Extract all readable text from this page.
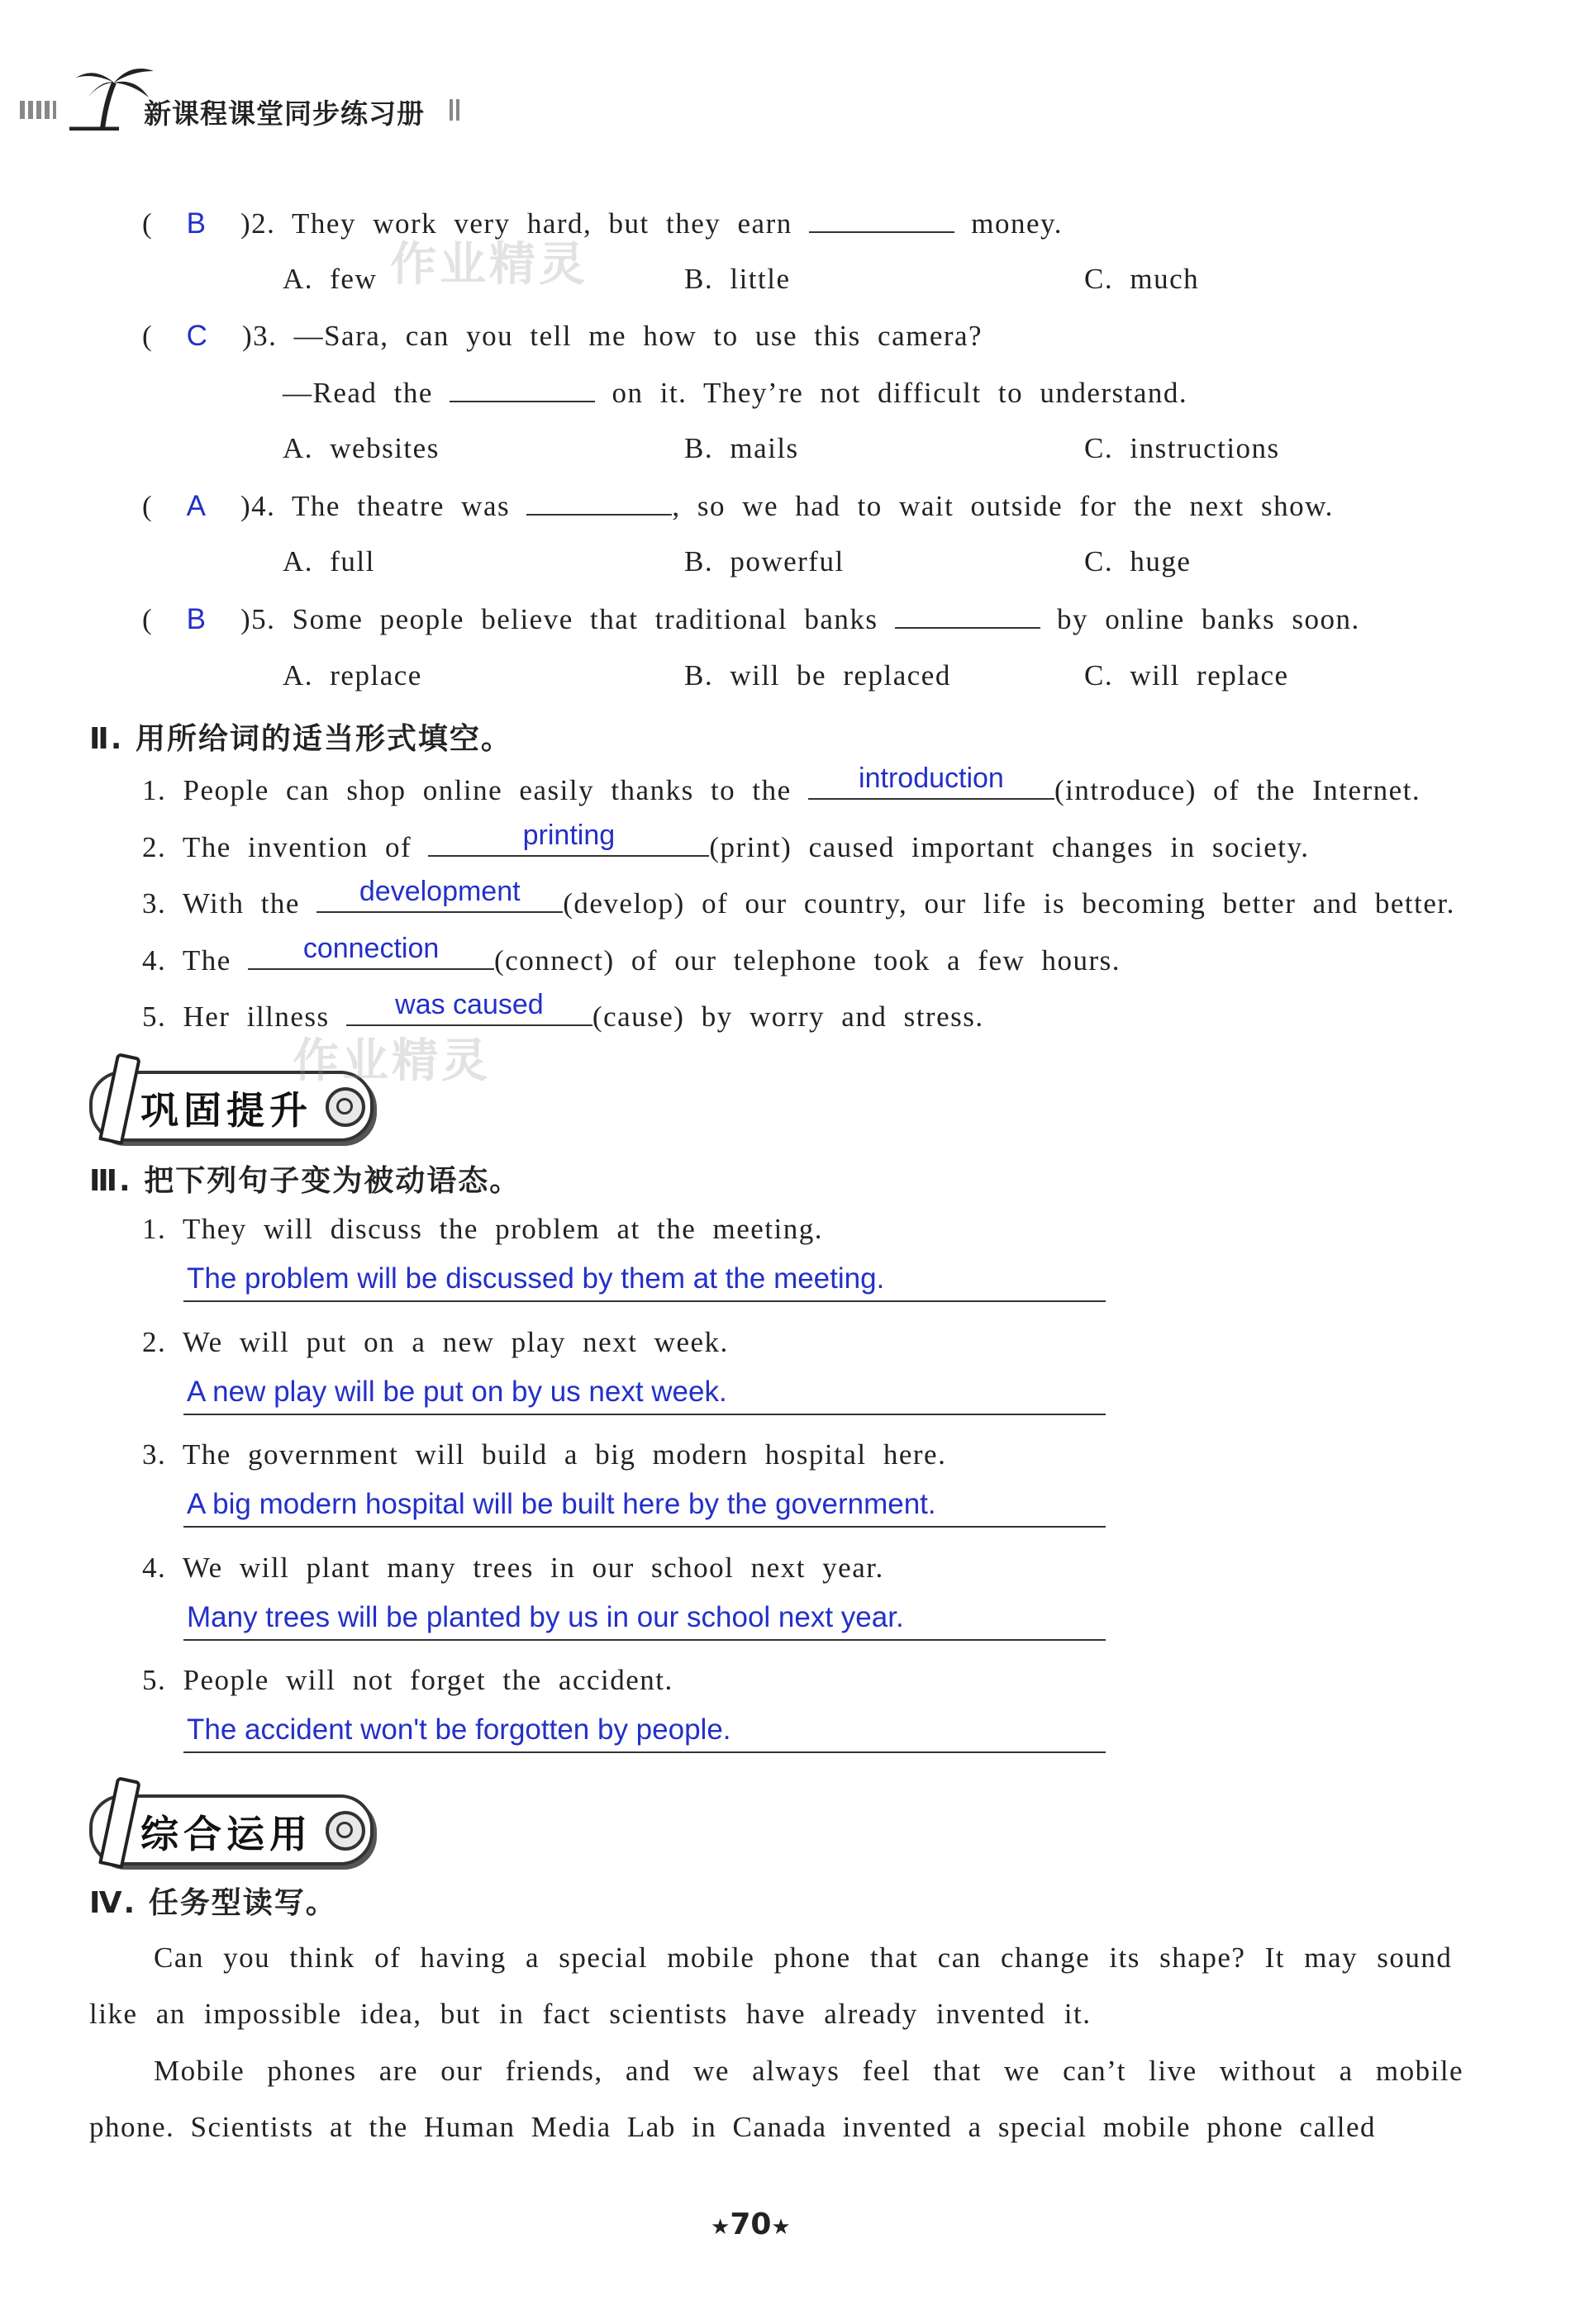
新课程课堂同步练习册
(  B )2. They work very hard, but they earn	money.
A. few	B. little	C. much
(  C )3. —Sara, can you tell me how to use this camera?
—Read the	on it. They’re not difficult to understand.
A. websites	B. mails	C. instructions
(  A )4. The theatre was	, so we had to wait outside for the next show.
A. full	B. powerful	C. huge
(  B )5. Some people believe that traditional banks	by online banks soon.
A. replace	B. will be replaced	C. will replace
Ⅱ. 用所给词的适当形式填空。
1. People can shop online easily thanks to the	introduction	(introduce) of the Internet.
2. The invention of	printing	(print) caused important changes in society.
3. With the	development	(develop) of our country, our life is becoming better and better.
4. The	connection	(connect) of our telephone took a few hours.
5. Her illness	was caused	(cause) by worry and stress.
巩固提升
Ⅲ. 把下列句子变为被动语态。
1. They will discuss the problem at the meeting.
The problem will be discussed by them at the meeting.
2. We will put on a new play next week.
A new play will be put on by us next week.
3. The government will build a big modern hospital here.
A big modern hospital will be built here by the government.
4. We will plant many trees in our school next year.
Many trees will be planted by us in our school next year.
5. People will not forget the accident.
The accident won't be forgotten by people.
综合运用
Ⅳ. 任务型读写。
Can you think of having a special mobile phone that can change its shape? It may sound
like an impossible idea, but in fact scientists have already invented it.
Mobile phones are our friends, and we always feel that we can’t live without a mobile
phone. Scientists at the Human Media Lab in Canada invented a special mobile phone called
作业精灵
作业精灵
★70★
